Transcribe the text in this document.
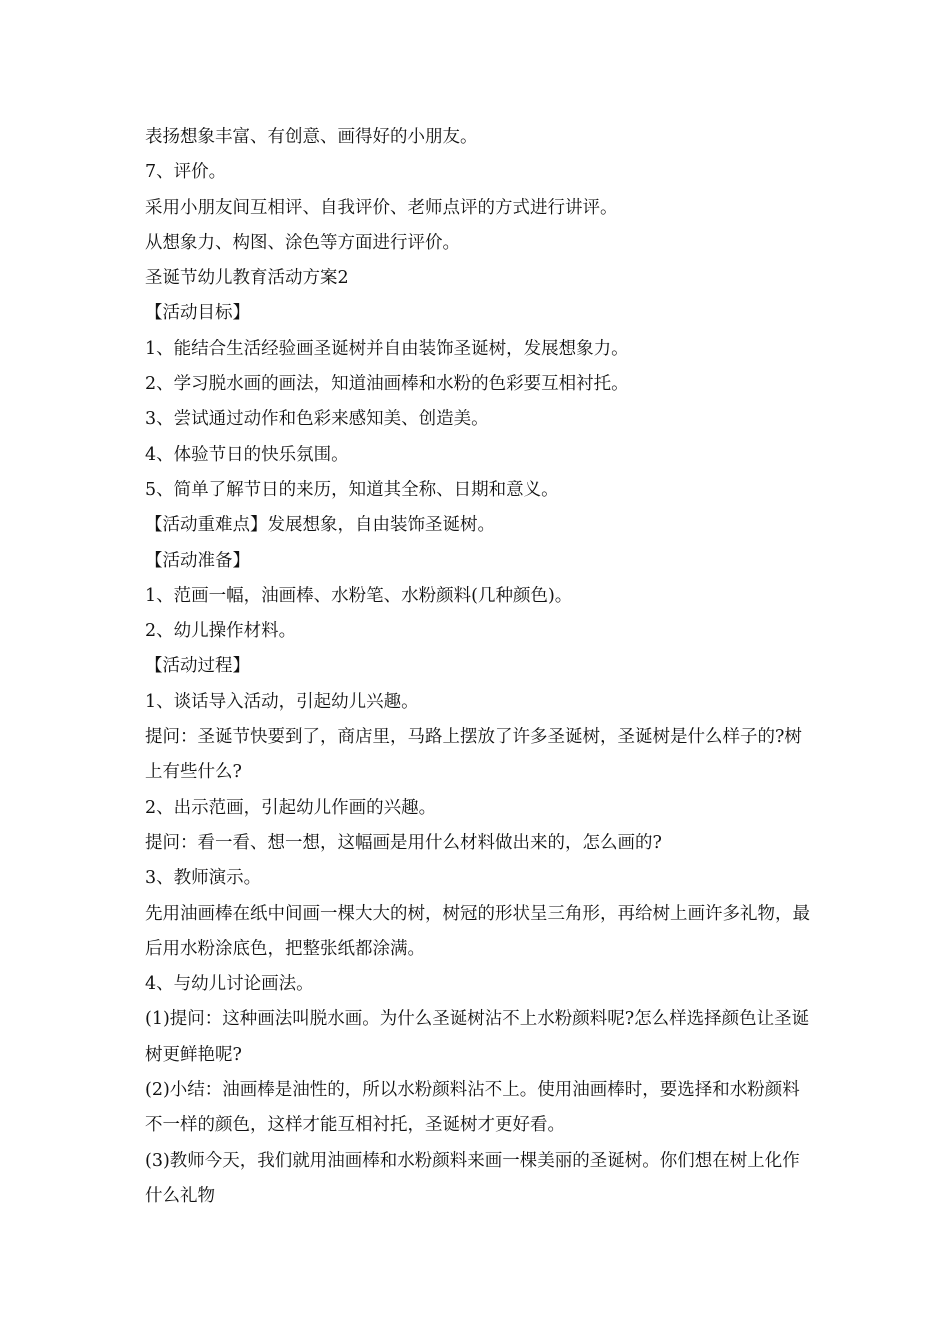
表扬想象丰富、有创意、画得好的小朋友。

7、评价。

采用小朋友间互相评、自我评价、老师点评的方式进行讲评。

从想象力、构图、涂色等方面进行评价。

圣诞节幼儿教育活动方案2

【活动目标】

1、能结合生活经验画圣诞树并自由装饰圣诞树，发展想象力。

2、学习脱水画的画法，知道油画棒和水粉的色彩要互相衬托。

3、尝试通过动作和色彩来感知美、创造美。

4、体验节日的快乐氛围。

5、简单了解节日的来历，知道其全称、日期和意义。

【活动重难点】发展想象，自由装饰圣诞树。

【活动准备】

1、范画一幅，油画棒、水粉笔、水粉颜料(几种颜色)。

2、幼儿操作材料。

【活动过程】

1、谈话导入活动，引起幼儿兴趣。

提问：圣诞节快要到了，商店里，马路上摆放了许多圣诞树，圣诞树是什么样子的?树上有些什么?

2、出示范画，引起幼儿作画的兴趣。

提问：看一看、想一想，这幅画是用什么材料做出来的，怎么画的?

3、教师演示。

先用油画棒在纸中间画一棵大大的树，树冠的形状呈三角形，再给树上画许多礼物，最后用水粉涂底色，把整张纸都涂满。

4、与幼儿讨论画法。

(1)提问：这种画法叫脱水画。为什么圣诞树沾不上水粉颜料呢?怎么样选择颜色让圣诞树更鲜艳呢?

(2)小结：油画棒是油性的，所以水粉颜料沾不上。使用油画棒时，要选择和水粉颜料不一样的颜色，这样才能互相衬托，圣诞树才更好看。

(3)教师今天，我们就用油画棒和水粉颜料来画一棵美丽的圣诞树。你们想在树上化作什么礼物
